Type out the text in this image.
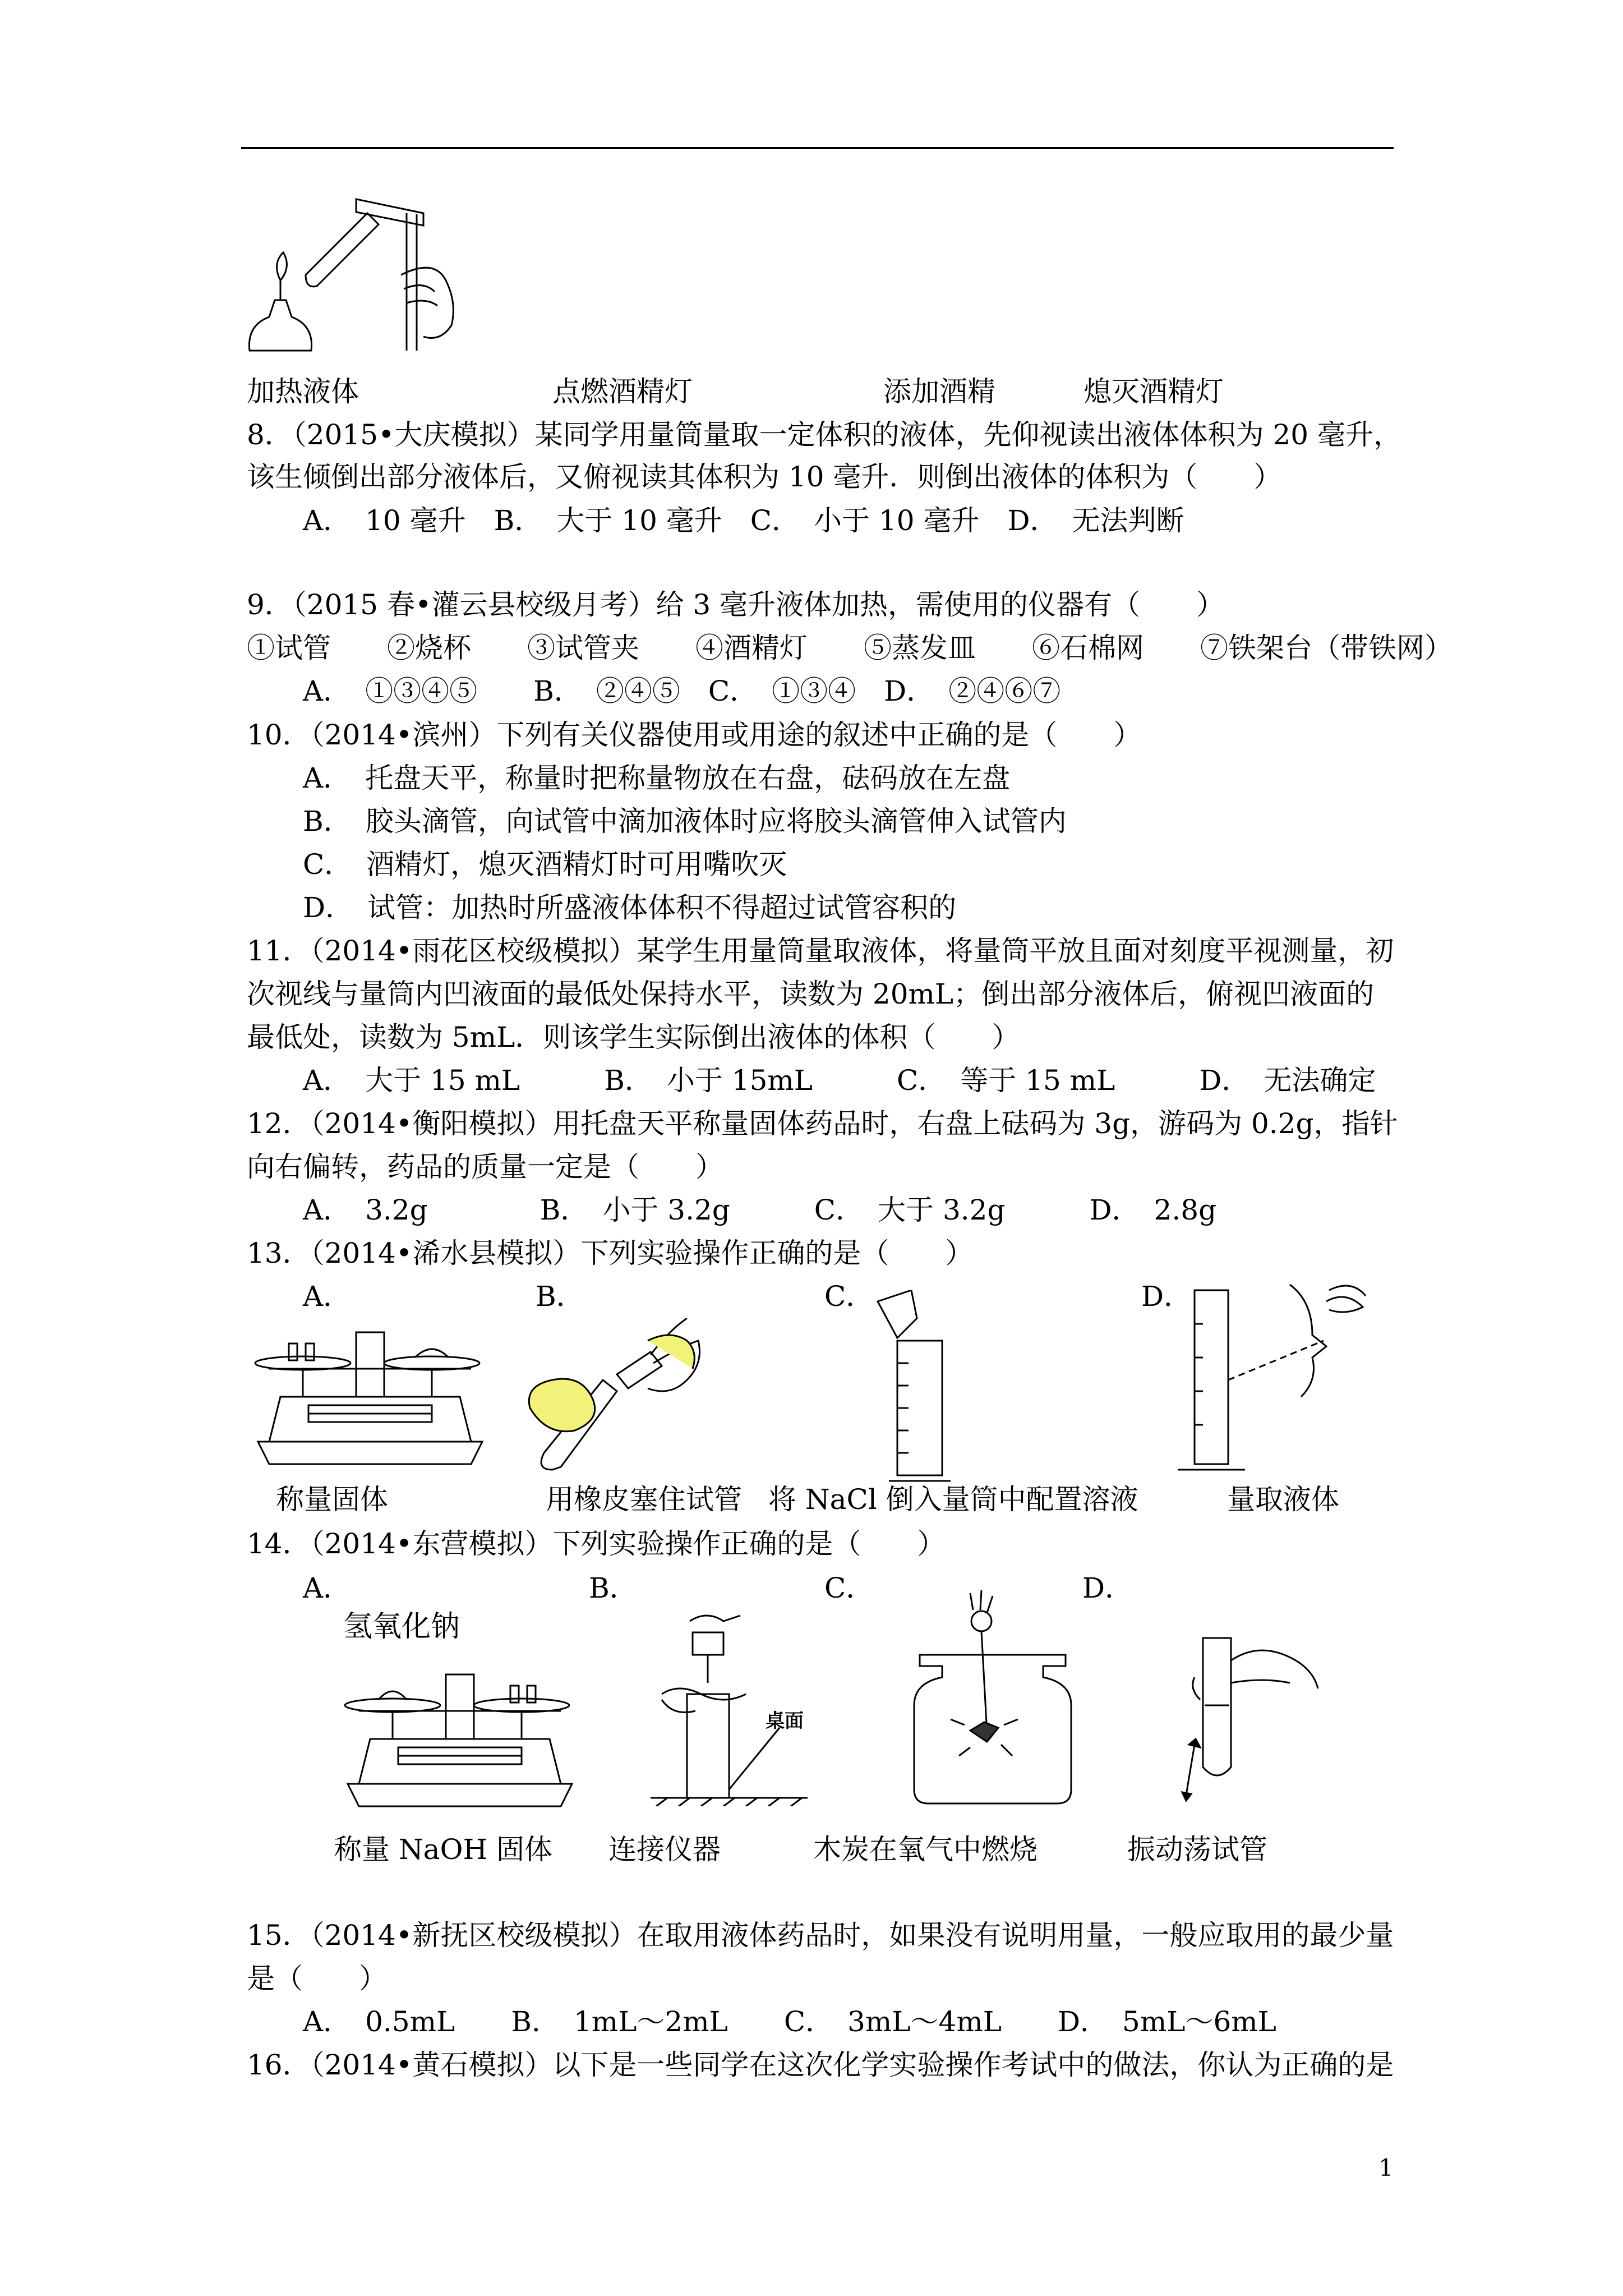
加热液体	点燃酒精灯	添加酒精	熄灭酒精灯
8．（2015•大庆模拟）某同学用量筒量取一定体积的液体，先仰视读出液体体积为 20 毫升，
该生倾倒出部分液体后，又俯视读其体积为 10 毫升．则倒出液体的体积为（　　）
A．　10 毫升　B．　大于 10 毫升　C．　小于 10 毫升　D．　无法判断
9．（2015 春•灌云县校级月考）给 3 毫升液体加热，需使用的仪器有（　　）
①试管　　②烧杯　　③试管夹　　④酒精灯　　⑤蒸发皿　　⑥石棉网　　⑦铁架台（带铁网）
A．　①③④⑤　　B．　②④⑤　C．　①③④　D．　②④⑥⑦
10．（2014•滨州）下列有关仪器使用或用途的叙述中正确的是（　　）
A．　托盘天平，称量时把称量物放在右盘，砝码放在左盘
B．　胶头滴管，向试管中滴加液体时应将胶头滴管伸入试管内
C．　酒精灯，熄灭酒精灯时可用嘴吹灭
D．　试管：加热时所盛液体体积不得超过试管容积的
11．（2014•雨花区校级模拟）某学生用量筒量取液体，将量筒平放且面对刻度平视测量，初
次视线与量筒内凹液面的最低处保持水平，读数为 20mL；倒出部分液体后，俯视凹液面的
最低处，读数为 5mL．则该学生实际倒出液体的体积（　　）
A．　大于 15 mL　　　B．　小于 15mL　　　C．　等于 15 mL　　　D．　无法确定
12．（2014•衡阳模拟）用托盘天平称量固体药品时，右盘上砝码为 3g，游码为 0.2g，指针
向右偏转，药品的质量一定是（　　）
A．　3.2g　　　　B．　小于 3.2g　　　C．　大于 3.2g　　　D．　2.8g
13．（2014•浠水县模拟）下列实验操作正确的是（　　）
A．	B．	C．	D．
称量固体	用橡皮塞住试管 将 NaCl 倒入量筒中配置溶液	量取液体
14．（2014•东营模拟）下列实验操作正确的是（　　）
A．	B．	C．	D．
氢氧化钠
桌面
称量 NaOH 固体 连接仪器	木炭在氧气中燃烧	振动荡试管
15．（2014•新抚区校级模拟）在取用液体药品时，如果没有说明用量，一般应取用的最少量
是（　　）
A．　0.5mL　　B．　1mL～2mL　　C．　3mL～4mL　　D．　5mL～6mL
16．（2014•黄石模拟）以下是一些同学在这次化学实验操作考试中的做法，你认为正确的是
1
